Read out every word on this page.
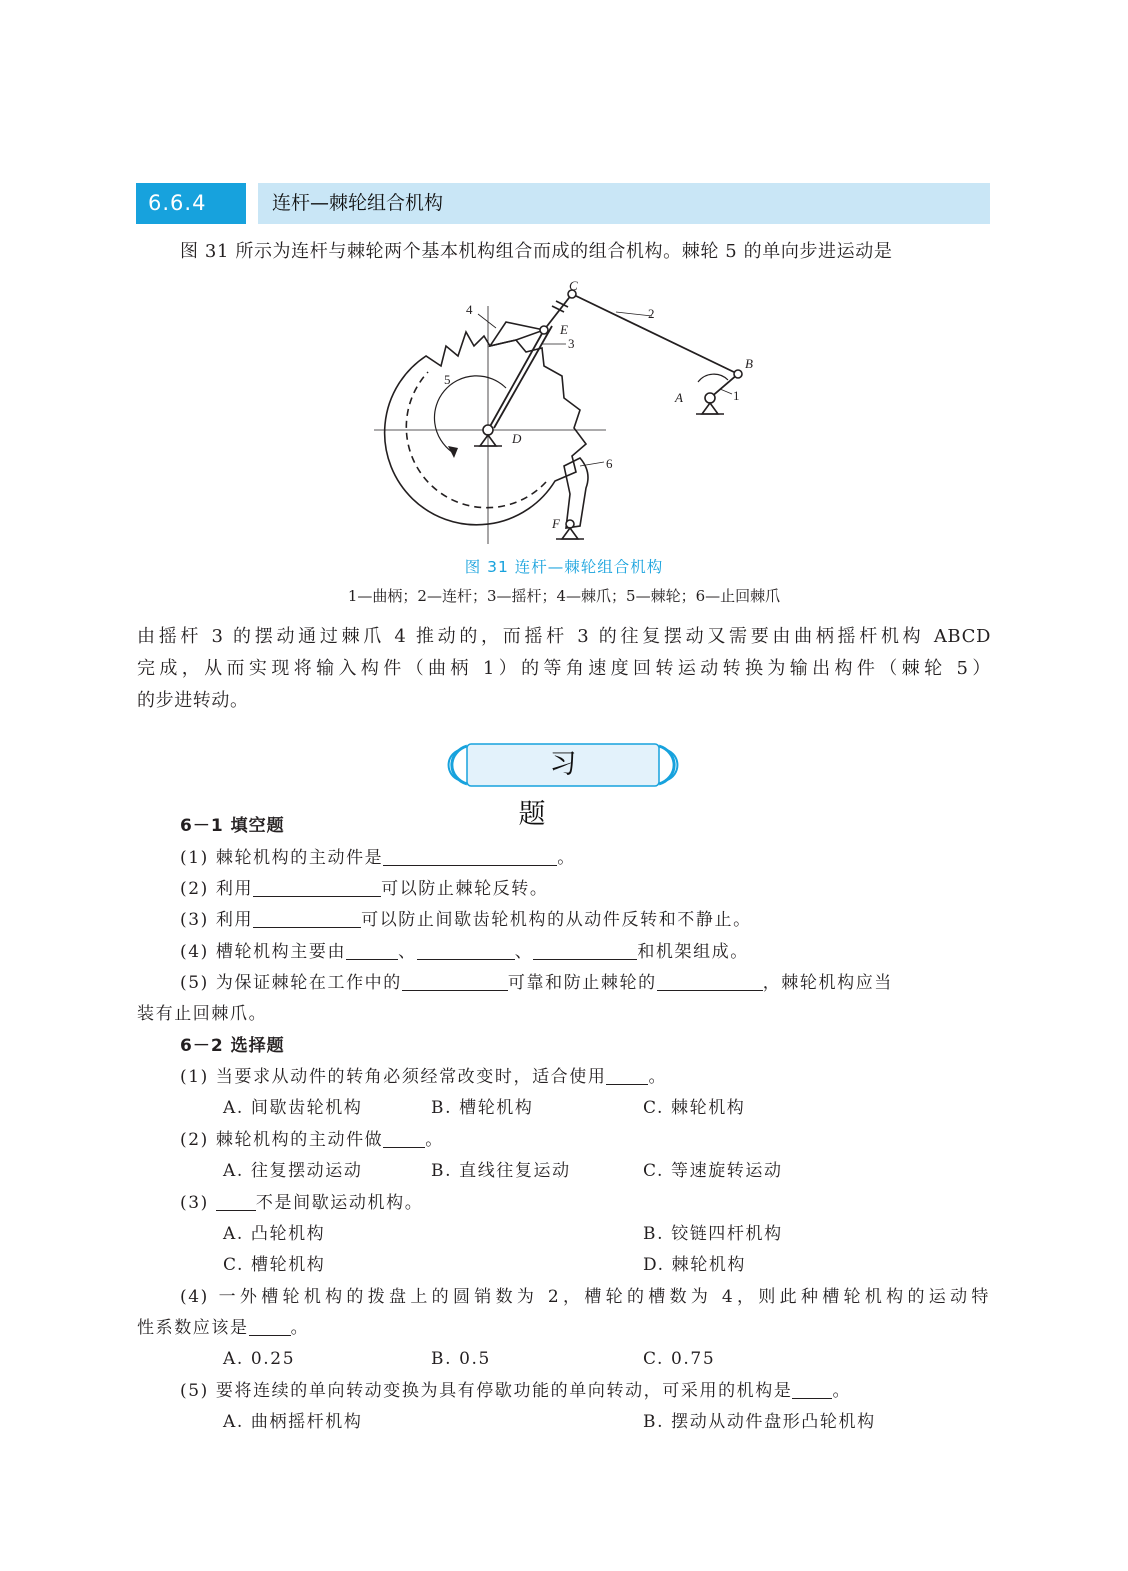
6.6.4	连杆—棘轮组合机构
图 31 所示为连杆与棘轮两个基本机构组合而成的组合机构。棘轮 5 的单向步进运动是
C
E
B
A
D
F
1
2
3
4
5
6
图 31 连杆—棘轮组合机构
1—曲柄；2—连杆；3—摇杆；4—棘爪；5—棘轮；6—止回棘爪
由摇杆 3 的摆动通过棘爪 4 推动的，而摇杆 3 的往复摆动又需要由曲柄摇杆机构 ABCD
完成，从而实现将输入构件（曲柄 1）的等角速度回转运动转换为输出构件（棘轮 5）
的步进转动。
习题
6－1 填空题
(1) 棘轮机构的主动件是	。
(2) 利用	可以防止棘轮反转。
(3) 利用	可以防止间歇齿轮机构的从动件反转和不静止。
(4) 槽轮机构主要由	、	、	和机架组成。
(5) 为保证棘轮在工作中的	可靠和防止棘轮的	，棘轮机构应当
装有止回棘爪。
6－2 选择题
(1) 当要求从动件的转角必须经常改变时，适合使用 。
A. 间歇齿轮机构	B. 槽轮机构	C. 棘轮机构
(2) 棘轮机构的主动件做 。
A. 往复摆动运动	B. 直线往复运动	C. 等速旋转运动
(3) 不是间歇运动机构。
A. 凸轮机构	B. 铰链四杆机构
C. 槽轮机构	D. 棘轮机构
(4) 一外槽轮机构的拨盘上的圆销数为 2，槽轮的槽数为 4，则此种槽轮机构的运动特
性系数应该是 。
A. 0.25	B. 0.5	C. 0.75
(5) 要将连续的单向转动变换为具有停歇功能的单向转动，可采用的机构是 。
A. 曲柄摇杆机构	B. 摆动从动件盘形凸轮机构
